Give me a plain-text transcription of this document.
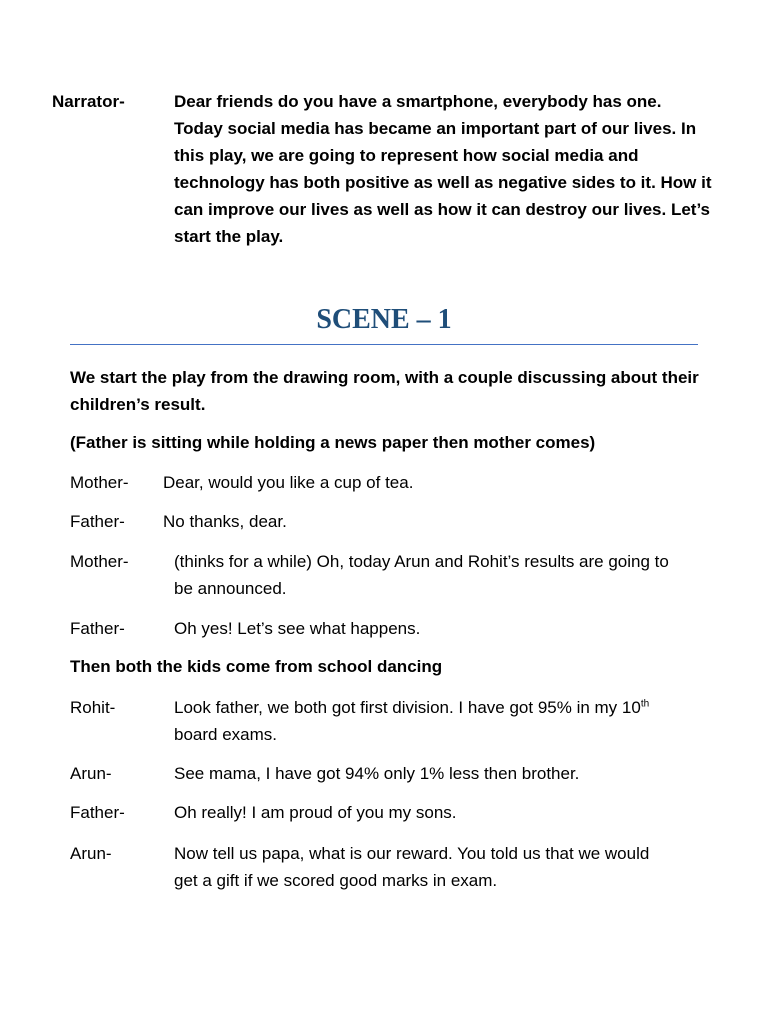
Narrator-	Dear friends do you have a smartphone, everybody has one. Today social media has became an important part of our lives. In this play, we are going to represent how social media and technology has both positive as well as negative sides to it. How it can improve our lives as well as how it can destroy our lives. Let’s start the play.

SCENE – 1

We start the play from the drawing room, with a couple discussing about their children’s result.

(Father is sitting while holding a news paper then mother comes)

Mother- Dear, would you like a cup of tea.

Father- No thanks, dear.

Mother-	(thinks for a while) Oh, today Arun and Rohit’s results are going to be announced.

Father-	Oh yes! Let’s see what happens.

Then both the kids come from school dancing

Rohit-	Look father, we both got first division. I have got 95% in my 10th board exams.

Arun-	See mama, I have got 94% only 1% less then brother.

Father-	Oh really! I am proud of you my sons.

Arun-	Now tell us papa, what is our reward. You told us that we would get a gift if we scored good marks in exam.
